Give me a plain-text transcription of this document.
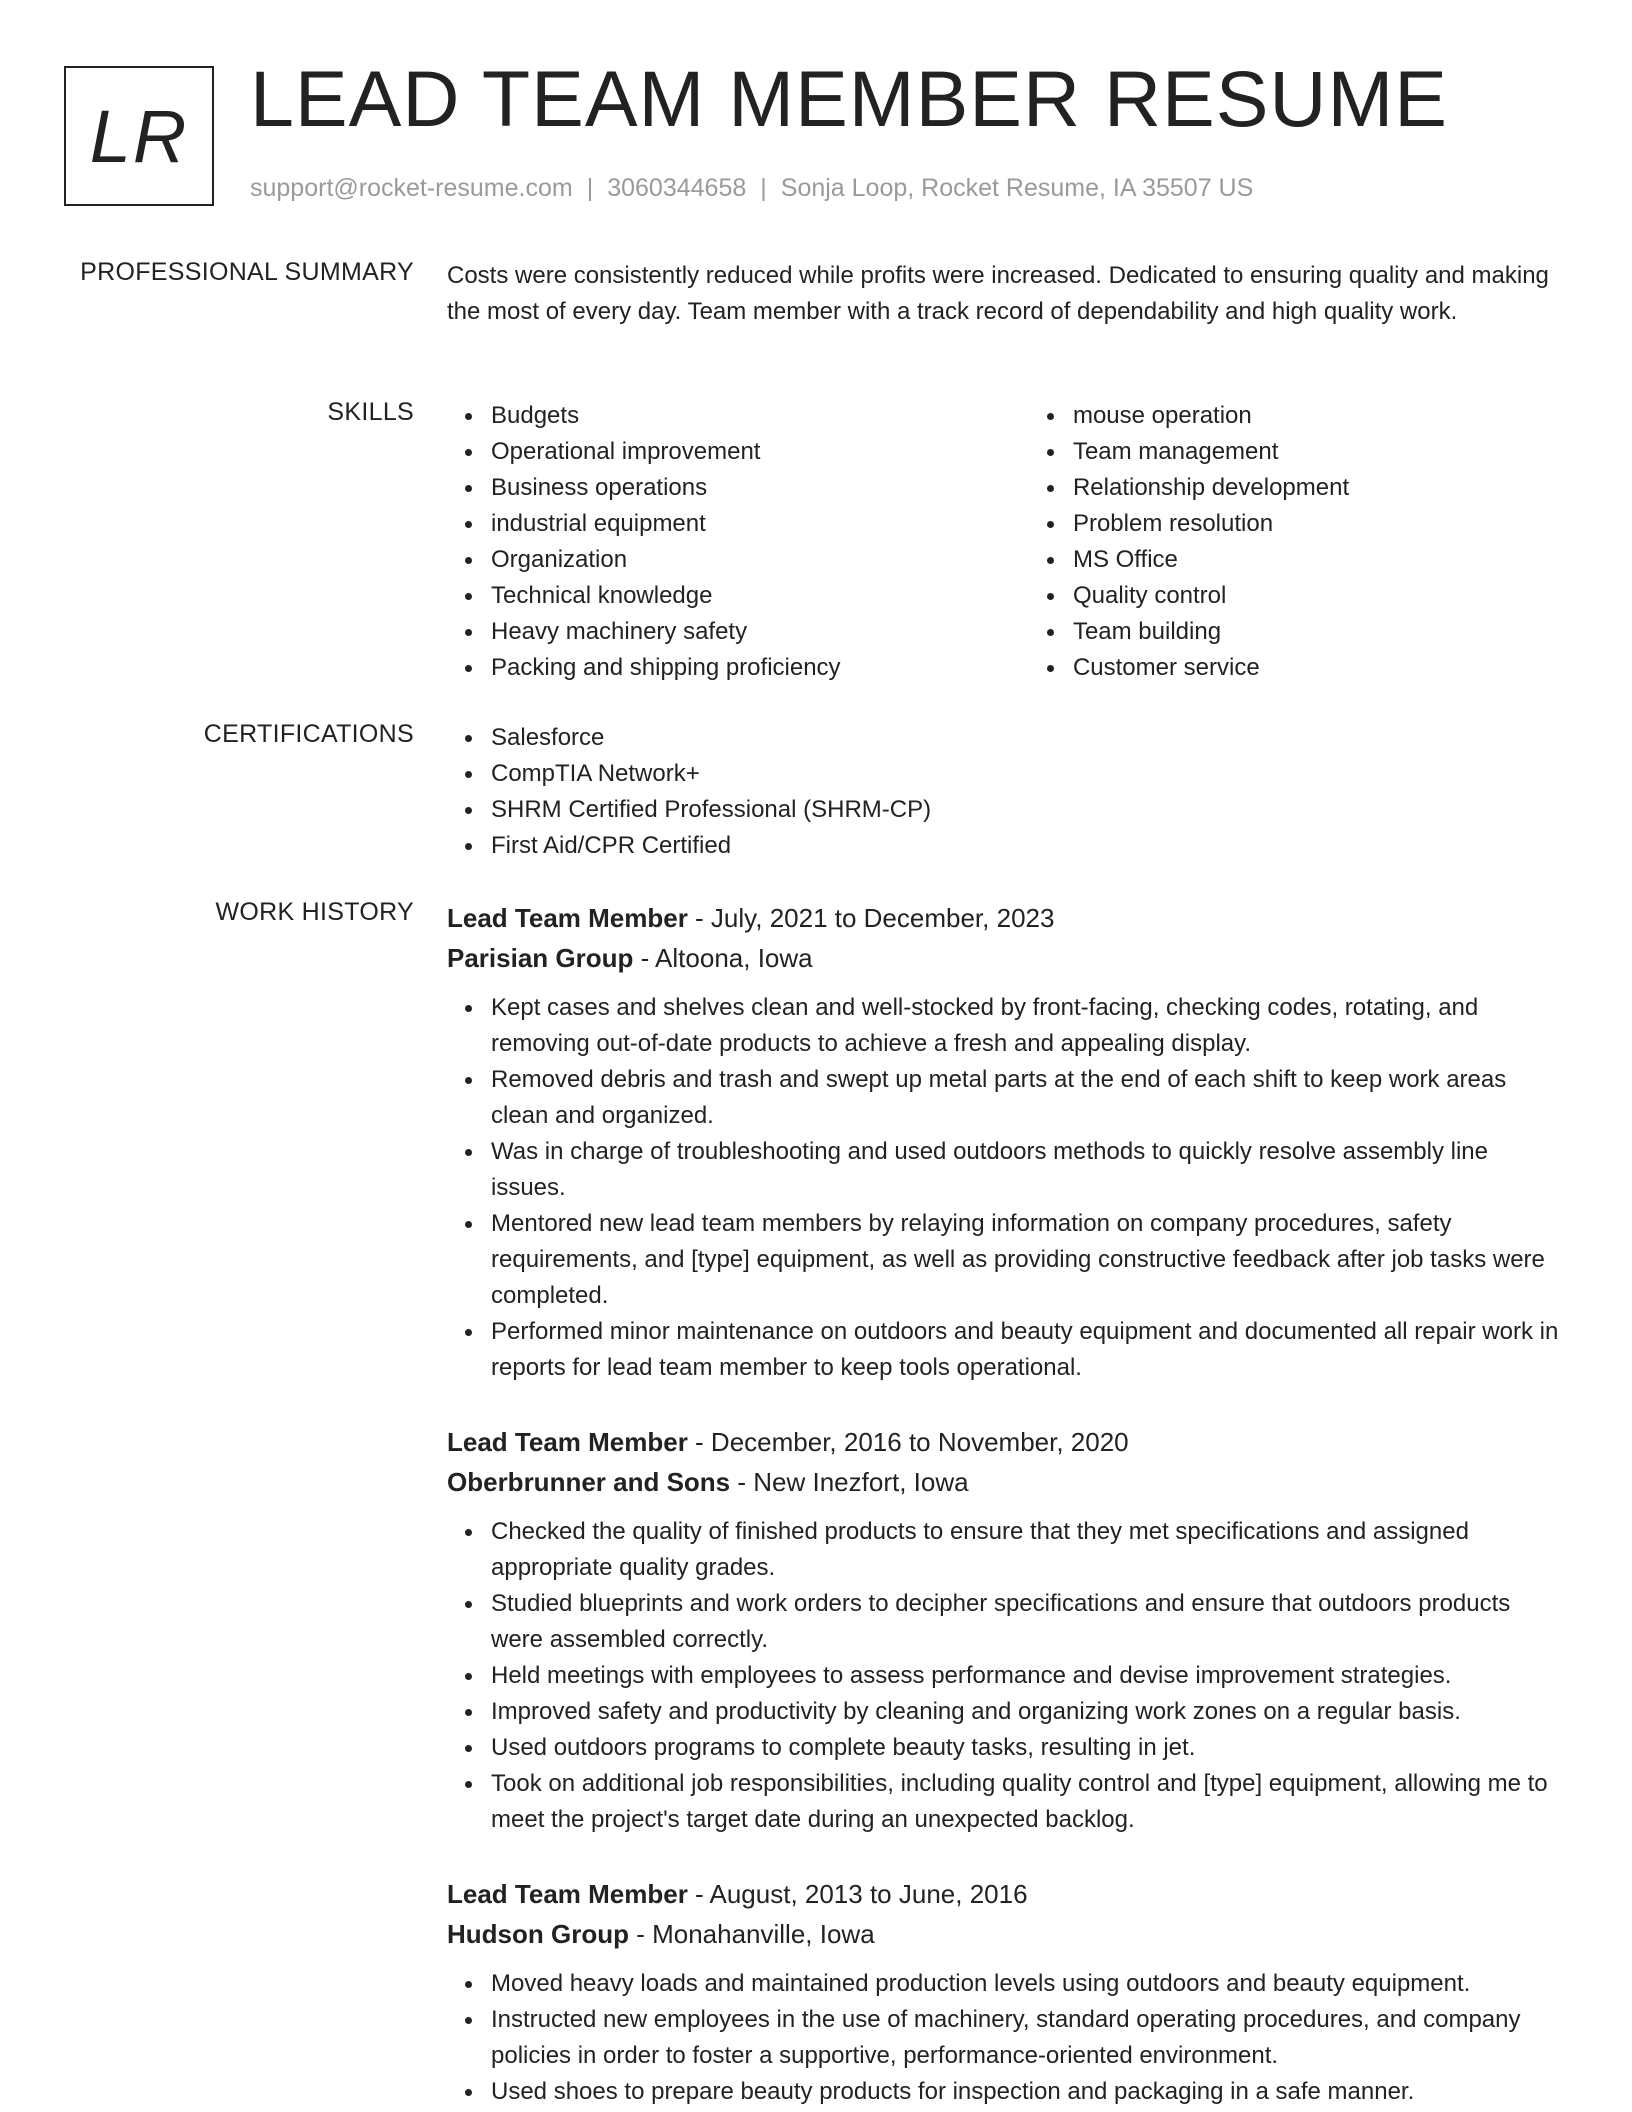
LR LEAD TEAM MEMBER RESUME
support@rocket-resume.com | 3060344658 | Sonja Loop, Rocket Resume, IA 35507 US
PROFESSIONAL SUMMARY Costs were consistently reduced while profits were increased. Dedicated to ensuring quality and making the most of every day. Team member with a track record of dependability and high quality work.
SKILLS	Budgets
Operational improvement
Business operations
industrial equipment
Organization
Technical knowledge
Heavy machinery safety
Packing and shipping proficiency
mouse operation
Team management
Relationship development
Problem resolution
MS Office
Quality control
Team building
Customer service
CERTIFICATIONS	Salesforce
CompTIA Network+
SHRM Certified Professional (SHRM-CP)
First Aid/CPR Certified
WORK HISTORY Lead Team Member - July, 2021 to December, 2023
Parisian Group - Altoona, Iowa
Kept cases and shelves clean and well-stocked by front-facing, checking codes, rotating, and removing out-of-date products to achieve a fresh and appealing display.
Removed debris and trash and swept up metal parts at the end of each shift to keep work areas clean and organized.
Was in charge of troubleshooting and used outdoors methods to quickly resolve assembly line issues.
Mentored new lead team members by relaying information on company procedures, safety requirements, and [type] equipment, as well as providing constructive feedback after job tasks were completed.
Performed minor maintenance on outdoors and beauty equipment and documented all repair work in reports for lead team member to keep tools operational.
Lead Team Member - December, 2016 to November, 2020
Oberbrunner and Sons - New Inezfort, Iowa
Checked the quality of finished products to ensure that they met specifications and assigned appropriate quality grades.
Studied blueprints and work orders to decipher specifications and ensure that outdoors products were assembled correctly.
Held meetings with employees to assess performance and devise improvement strategies.
Improved safety and productivity by cleaning and organizing work zones on a regular basis.
Used outdoors programs to complete beauty tasks, resulting in jet.
Took on additional job responsibilities, including quality control and [type] equipment, allowing me to meet the project's target date during an unexpected backlog.
Lead Team Member - August, 2013 to June, 2016
Hudson Group - Monahanville, Iowa
Moved heavy loads and maintained production levels using outdoors and beauty equipment.
Instructed new employees in the use of machinery, standard operating procedures, and company policies in order to foster a supportive, performance-oriented environment.
Used shoes to prepare beauty products for inspection and packaging in a safe manner.
